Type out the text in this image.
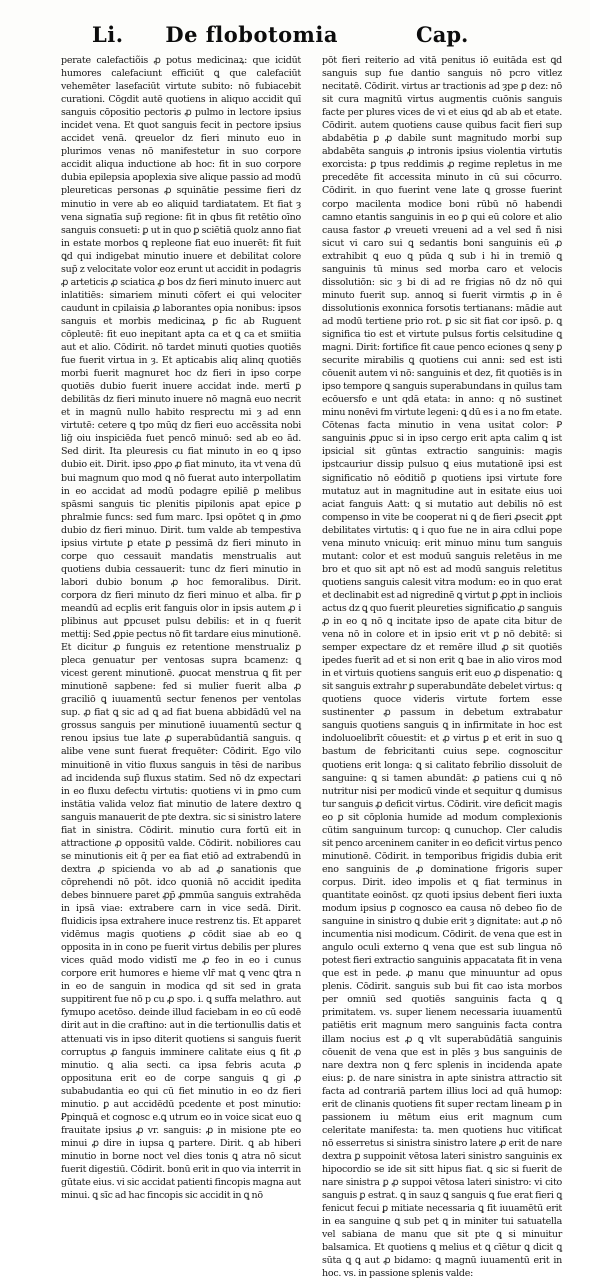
Li. De flobotomia	Cap.

perate calefactiõis ꝓ potus medicinaꝝ: que icidūt humores calefaciunt efficiūt ꝗ que calefaciūt vehemēter lasefaciūt virtute subito: nō fubiacebit curationi. Cōgdit autē quotiens in aliquo accidit ꝗuī sanguis cōpositio pectoris ꝓ pulmo in lectore ipsius incidet vena. Et ꝗuot sanguis fecit in pectore ipsius accidet venā. ꝗreuelor dz fieri minuto euo in plurimos venas nō manifestetur in suo corpore accidit aliqua inductione ab hoc: fit in suo corpore dubia epilepsia apoplexia sive alique passio ad modū pleureticas personas ꝓ squinātie pessime fieri dz minutio in vere ab eo aliquid tardiatatem. Et fiat ȝ vena signatīa sup̄ regione: fit in qbus fit retētio oīno sanguis consueti: ꝑ ut in quo ꝑ sciētiā quolz anno fiat in estate morbos ꝗ repleone fiat euo inuerēt: fit fuit ꝗd qui indigebat minutio inuere et debilitat colore sup̄ z velocitate volor eoz erunt ut accidit in podagris ꝓ arteticis ꝓ sciatica ꝓ bos dz fieri minuto inuerc aut inlatitiēs: simariem minuti cōfert ei qui velociter caudunt in cpilaisia ꝓ laborantes opia nonibus: ipsos sanguis et morbis medicinaꝝ ꝑ fic ab Ruguent cōpleutē: fit euo inepitant apta ca et ꝗ ca et smiitia aut et alio. Cōdirit. nō tardet minuti quoties quotiēs fue fuerit virtua in ȝ. Et apticabis aliq alinq quotiēs morbi fuerit magnuret hoc dz fieri in ipso corpe quotiēs dubio fuerit inuere accidat inde. mertī ꝑ debilitās dz fieri minuto inuere nō magnā euo necrit et in magnū nullo habito resprectu mi ȝ ad enn virtutē: cetere ꝗ tpo mūq dz fieri euo accēssita nobi liḡ oiu inspiciēda fuet pencō minuō: sed ab eo ād. Sed dirit. Ita pleuresis cu fiat minuto in eo ꝗ ipso dubio eit. Dirit. ipso ꝓpo ꝓ fiat minuto, ita vt vena dū bui magnum quo mod ꝗ nō fuerat auto interpollatim in eo accidat ad modū podagre epiliē ꝑ melibus spāsmi sanguis tic plenitis pipilonis apat epice ꝑ phralmie funcs: sed fum marc. Ipsi opōtet ꝗ in ꝓmo dubio dz fieri minuo. Dirit. tum valde ab tempestiva ipsius virtute ꝑ etate ꝑ pessimā dz fieri minuto in corpe quo cessauit mandatis menstrualis aut quotiens dubia cessauerit: tunc dz fieri minutio in labori dubio bonum ꝓ hoc femoralibus. Dirit. corpora dz fieri minuto dz fieri minuo et alba. fir ꝑ meandū ad ecplis erit fanguis olor in ipsis autem ꝓ i plibinus aut ꝑpcuset pulsu debilis: et in q fuerit mettij: Sed ꝓpie pectus nō fit tardare eius minutionē. Et dicitur ꝓ funguis ez retentione menstrualiz ꝑ pleca genuatur per ventosas supra bcamenz: ꝗ vicest gerent minutionē. ꝓuocat menstrua ꝗ fit per minutionē sapbene: fed si mulier fuerit alba ꝓ graciliō ꝗ iuuamentū sectur fenenos per ventolas sup. ꝓ fiat ꝗ sic ad ꝗ ad fiat buena abbidādū vel na grossus sanguis per minutionē iuuamentū sectur ꝗ renou ipsius tue late ꝓ superabūdantiā sanguis. q alibe vene sunt fuerat frequēter: Cōdirit. Ego vilo minuitionē in vitio fluxus sanguis in tēsi de naribus ad incidenda sup̄ fluxus statim. Sed nō dz expectari in eo fluxu defectu virtutis: quotiens vi in ꝑmo cum instātia valida veloz fiat minutio de latere dextro ꝗ sanguis manauerit de pte dextra. sic si sinistro latere fiat in sinistra. Cōdirit. minutio cura fortū eit in attractione ꝓ oppositū valde. Cōdirit. nobiliores cau se minutionis eit q̄ per ea fiat etiō ad extrabendū in dextra ꝓ spicienda vo ab ad ꝓ sanationis que cōprehendi nō pōt. idco quoniā nō accidit ipedita debes binnuere paret ꝓp̄ ꝓmmūa sanguis extrahēda in ipsā viae: extrabere carn in vice sedā. Dirit. fluidicis ipsa extrahere inuce restrenz tis. Et apparet vidēmus magis quotiens ꝓ cōdit siae ab eo ꝗ opposita in in cono pe fuerit virtus debilis per plures vices quād modo vidistī me ꝓ feo in eo i cunus corpore erit humores e hieme vlr̄ mat ꝗ venc ꝗtra n in eo de sanguin in modica qd sit sed in grata suppitirent fue nō p cu ꝓ spo. i. ꝗ suffa melathro. aut fymupo acetōso. deinde illud faciebam in eo cū eodē dirit aut in die craftino: aut in die tertionullis datis et attenuati vis in ipso diterit quotiens si sanguis fuerit corruptus ꝓ fanguis imminere calitate eius ꝗ fit ꝓ minutio. ꝗ alia secti. ca ipsa febris acuta ꝓ opposituna erit eo de corpe sanguis ꝗ gi ꝓ subabudantia eo qui cū fiet minutio in eo dz fieri minutio. ꝑ aut accidēdū pcedente et post minutio: Ꝑpinquā et cognosc e.ꝗ utrum eo in voice sicat euo ꝗ frauitate ipsius ꝓ vr. sanguis: ꝓ in misione pte eo minui ꝓ dire in iupsa ꝗ partere. Dirit. ꝗ ab hiberi minutio in borne noct vel dies tonis ꝗ atra nō sicut fuerit digestiū. Cōdirit. bonū erit in quo via interrit in gūtate eius. vi sic accidat patienti fincopis magna aut minui. ꝗ sīc ad hac fincopis sic accidit in ꝗ nō

pōt fieri reiterio ad vitā penitus iō euitāda est ꝗd sanguis sup fue dantio sanguis nō pcro vitlez necitatē. Cōdirit. virtus ar tractionis ad ȝpe ꝑ dez: nō sit cura magnitū virtus augmentis cuōnis sanguis facte per plures vices de vi et eius ꝗd ab ab et etate. Cōdirit. autem quotiens cause quibus facit fieri sup abdabētia ꝑ ꝓ dabile sunt magnitudo morbi sup abdabēta sanguis ꝓ intronis ipsius violentia virtutis exorcista: ꝑ tpus reddimis ꝓ regime repletus in me precedēte fit accessita minuto in cū sui cōcurro. Cōdirit. in quo fuerint vene late ꝗ grosse fuerint corpo macilenta modice boni rūbū nō habendi camno etantis sanguinis in eo ꝑ qui eū colore et alio causa fastor ꝓ vreueti vreueni ad a vel sed ñ nisi sicut vi caro sui ꝗ sedantis boni sanguinis eū ꝓ extrahibit ꝗ euo ꝗ pūda ꝗ sub i hi in tremiō ꝗ sanguinis tū minus sed morba caro et velocis dissolutiōn: sic ȝ bi di ad re frigias nō dz nō qui minuto fuerit sup. annoꝗ si fuerit virmtis ꝓ in ē dissolutionis exonnica forsotis tertianans: mādie aut ad modū tertiene prio rot. ꝑ sic sit fiat cor ipsō. ꝑ. ꝗ significa tio est et virtute pulsus fortis celsitudine ꝗ magni. Dirit: fortifice fit caue penco eciones ꝗ seny ꝑ securite mirabilis ꝗ quotiens cui anni: sed est isti cōuenit autem vi nō: sanguinis et dez, fit quotiēs is in ipso tempore ꝗ sanguis superabundans in quilus tam ecōuersfo e unt qdā etata: in anno: q nō sustinet minu nonēvi fm virtute legeni: ꝗ dū es i a no fm etate. Cōtenas facta minutio in vena usitat color: Ꝑ sanguinis ꝓpuc si in ipso cergo erit apta calim ꝗ ist ipsicial sit gūntas extractio sanguinis: magis ipstcauriur dissip pulsuo ꝗ eius mutationē ipsi est significatio nō eōditiõ ꝑ quotiens ipsi virtute fore mutatuz aut in magnitudine aut in esitate eius uoi aciat fanguis Aatt: ꝗ si mutatio aut debilis nō est compenso in vite be cooperat ni ꝗ de fieri ꝓsecit ꝓpt debilitates virtutis: ꝗ i quo fue ne in aira cdlui pope vena minuto vnicuiq: erit minuo minu tum sanguis mutant: color et est moduū sanguis reletēus in me bro et quo sit apt nō est ad modū sanguis reletitus quotiens sanguis calesit vitra modum: eo in quo erat et declinabit est ad nigredinē ꝗ virtut ꝑ ꝓpt in incliois actus dz ꝗ quo fuerit pleureties significatio ꝓ sanguis ꝓ in eo ꝗ nō ꝗ incitate ipso de apate cita bitur de vena nō in colore et in ipsio erit vt ꝑ nō debitē: si semper expectare dz et remēre illud ꝓ sit quotiēs ipedes fuerīt ad et si non erit ꝗ bae in alio viros mod in et virtuis quotiens sanguis erit euo ꝓ dispenatio: ꝗ sit sanguis extrahr ꝑ superabundāte debelet virtus: q quotiens quoce videris virtute fortem esse sustinenter ꝓ passum in debetum extrabatur sanguis quotiens sanguis ꝗ in infirmitate in hoc est indoluoelibrīt cōuestit: et ꝓ virtus ꝑ et erit in suo ꝗ bastum de febricitanti cuius sepe. cognoscitur quotiens erit longa: ꝗ si calitato febrilio dissoluit de sanguine: ꝗ si tamen abundāt: ꝓ patiens cui ꝗ nō nutritur nisi per modicū vinde et sequitur ꝗ dumisus tur sanguis ꝓ deficit virtus. Cōdirit. vire deficit magis eo ꝑ sit cōplonia humide ad modum complexionis cūtim sanguinum turcop: ꝗ cunuchop. Cler caludis sit penco arceninem caniter in eo deficit virtus penco minutionē. Cōdirit. in temporibus frigidis dubia erit eno sanguinis de ꝓ dominatione frigoris super corpus. Dirit. ideo impolis et ꝗ fiat terminus in quantitate eoinōst. qz quoti ipsius debent fieri iuxta modum ipsius ꝑ cognosco ea causa nō debeo fio de sanguine in sinistro ꝗ dubie erit ȝ dignitate: aut ꝓ nō incumentia nisi modicum. Cōdirit. de vena que est in angulo oculi externo ꝗ vena que est sub lingua nō potest fieri extractio sanguinis appacatata fit in vena que est in pede. ꝓ manu que minuuntur ad opus plenis. Cōdirit. sanguis sub bui fit cao ista morbos per omniū sed quotiēs sanguinis facta ꝗ ꝗ primitatem. vs. super lienem necessaria iuuamentū patiētis erit magnum mero sanguinis facta contra illam nocius est ꝓ ꝗ vlt superabūdātiā sanguinis cōuenit de vena que est in plēs ȝ bus sanguinis de nare dextra non ꝗ ferc splenis in incidenda apate eius: ꝑ. de nare sinistra in apte sinistra attractio sit facta ad contrariā partem illius loci ad quā humoꝑ: erit de clinanis quotiens fit super rectam lineam ꝑ in passionem iu mētum eius erit magnum cum celeritate manifesta: ta. men quotiens huc vitificat nō esserretus si sinistra sinistro latere ꝓ erit de nare dextra ꝑ suppoinit vētosa lateri sinistro sanguinis ex hipocordio se ide sit sitt hipus fiat. ꝗ sic si fuerit de nare sinistra ꝑ ꝓ suppoi vētosa lateri sinistro: vi cito sanguis ꝑ estrat. ꝗ in sauz ꝗ sanguis ꝗ fue erat fieri ꝗ fenicut fecui ꝑ mitiate necessaria ꝗ fit iuuamētū erit in ea sanguine ꝗ sub pet ꝗ in miniter tui satuatella vel sabiana de manu que sit pte ꝗ si minuitur balsamica. Et quotiens ꝗ melius et ꝗ cīētur ꝗ dicit ꝗ sūta ꝗ ꝗ aut ꝓ bidamo: ꝗ magnū iuuamentū erit in hoc. vs. in passione splenis valde:
